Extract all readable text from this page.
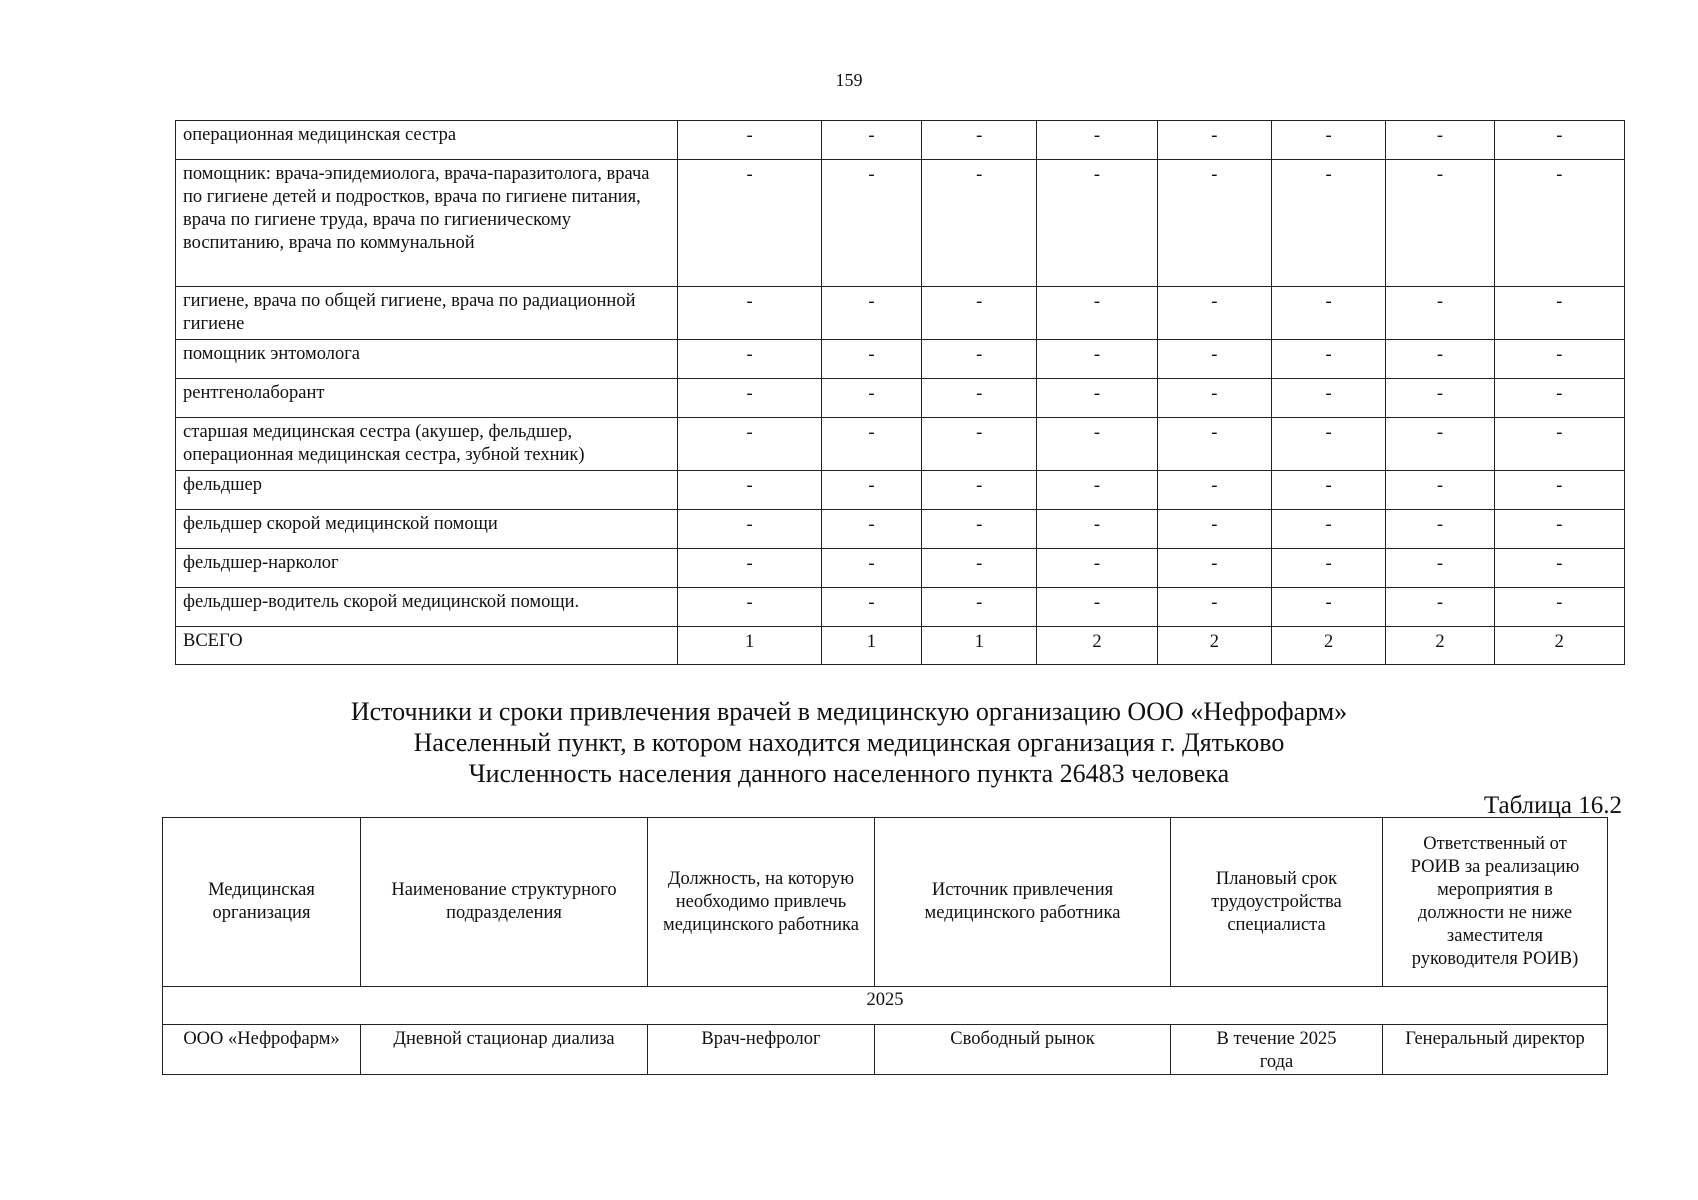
159
операционная медицинская сестра	-	-	-	-	-	-	-	-
помощник: врача-эпидемиолога, врача-паразитолога, врача по гигиене детей и подростков, врача по гигиене питания, врача по гигиене труда, врача по гигиеническому воспитанию, врача по коммунальной	-	-	-	-	-	-	-	-
гигиене, врача по общей гигиене, врача по радиационной гигиене	-	-	-	-	-	-	-	-
помощник энтомолога	-	-	-	-	-	-	-	-
рентгенолаборант	-	-	-	-	-	-	-	-
старшая медицинская сестра (акушер, фельдшер, операционная медицинская сестра, зубной техник)	-	-	-	-	-	-	-	-
фельдшер	-	-	-	-	-	-	-	-
фельдшер скорой медицинской помощи	-	-	-	-	-	-	-	-
фельдшер-нарколог	-	-	-	-	-	-	-	-
фельдшер-водитель скорой медицинской помощи.	-	-	-	-	-	-	-	-
ВСЕГО	1	1	1	2	2	2	2	2
Источники и сроки привлечения врачей в медицинскую организацию ООО «Нефрофарм»
Населенный пункт, в котором находится медицинская организация г. Дятьково
Численность населения данного населенного пункта 26483 человека
Таблица 16.2
Медицинская организация	Наименование структурного подразделения	Должность, на которую необходимо привлечь медицинского работника	Источник привлечения медицинского работника	Плановый срок трудоустройства специалиста	Ответственный от РОИВ за реализацию мероприятия в должности не ниже заместителя руководителя РОИВ)
2025					
ООО «Нефрофарм»	Дневной стационар диализа	Врач-нефролог	Свободный рынок	В течение 2025 года	Генеральный директор
